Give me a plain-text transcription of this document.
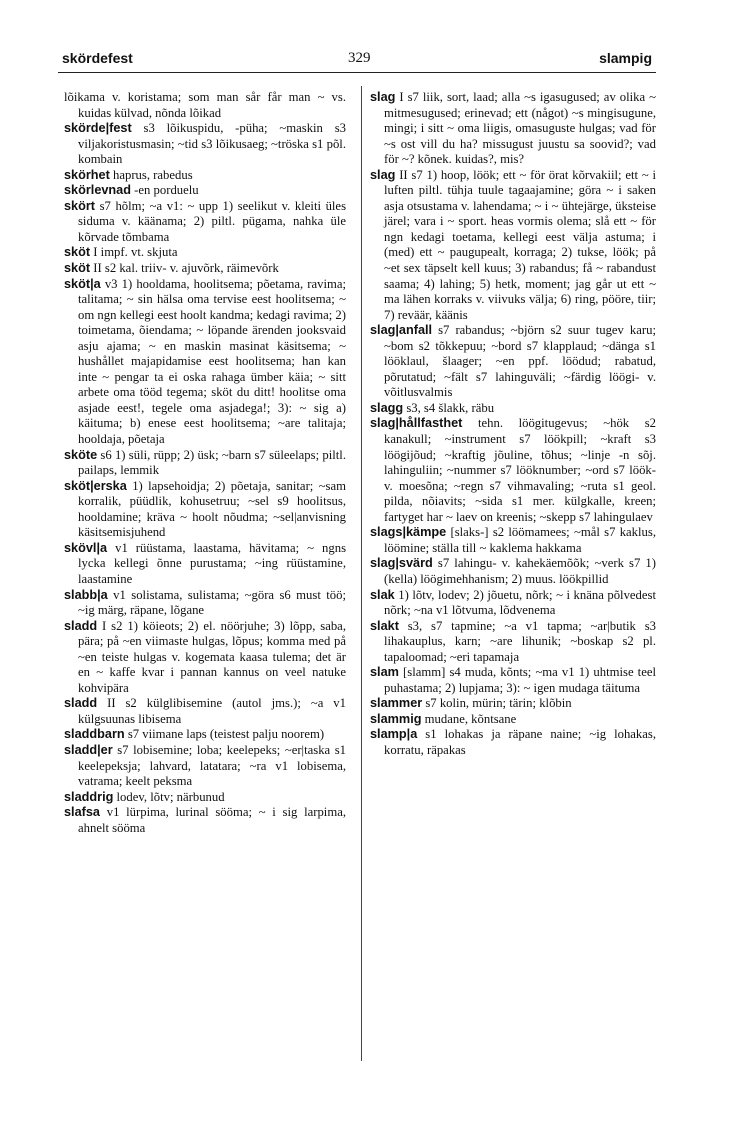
skördefest	329	slampig

lõikama v. koristama; som man sår får man ~ vs. kuidas külvad, nõnda lõikad

skörde|fest s3 lõikuspidu, -püha; ~maskin s3 viljakoristusmasin; ~tid s3 lõikusaeg; ~tröska s1 põl. kombain

skörhet haprus, rabedus

skörlevnad -en porduelu

skört s7 hõlm; ~a v1: ~ upp 1) seelikut v. kleiti üles siduma v. käänama; 2) piltl. pügama, nahka üle kõrvade tõmbama

sköt I impf. vt. skjuta

sköt II s2 kal. triiv- v. ajuvõrk, räimevõrk

sköt|a v3 1) hooldama, hoolitsema; põetama, ravima; talitama; ~ sin hälsa oma tervise eest hoolitsema; ~ om ngn kellegi eest hoolt kandma; kedagi ravima; 2) toimetama, õiendama; ~ löpande ärenden jooksvaid asju ajama; ~ en maskin masinat käsitsema; ~ hushållet majapidamise eest hoolitsema; han kan inte ~ pengar ta ei oska rahaga ümber käia; ~ sitt arbete oma tööd tegema; sköt du ditt! hoolitse oma asjade eest!, tegele oma asjadega!; 3): ~ sig a) käituma; b) enese eest hoolitsema; ~are talitaja; hooldaja, põetaja

sköte s6 1) süli, rüpp; 2) üsk; ~barn s7 süleelaps; piltl. pailaps, lemmik

sköt|erska 1) lapsehoidja; 2) põetaja, sanitar; ~sam korralik, püüdlik, kohusetruu; ~sel s9 hoolitsus, hooldamine; kräva ~ hoolt nõudma; ~sel|anvisning käsitsemisjuhend

skövl|a v1 rüüstama, laastama, hävitama; ~ ngns lycka kellegi õnne purustama; ~ing rüüstamine, laastamine

slabb|a v1 solistama, sulistama; ~göra s6 must töö; ~ig märg, räpane, lõgane

sladd I s2 1) köieots; 2) el. nöörjuhe; 3) lõpp, saba, pära; på ~en viimaste hulgas, lõpus; komma med på ~en teiste hulgas v. kogemata kaasa tulema; det är en ~ kaffe kvar i pannan kannus on veel natuke kohvipära

sladd II s2 külglibisemine (autol jms.); ~a v1 külgsuunas libisema

sladdbarn s7 viimane laps (teistest palju noorem)

sladd|er s7 lobisemine; loba; keelepeks; ~er|taska s1 keelepeksja; lahvard, latatara; ~ra v1 lobisema, vatrama; keelt peksma

sladdrig lodev, lõtv; närbunud

slafsa v1 lürpima, lurinal sööma; ~ i sig larpima, ahnelt sööma

slag I s7 liik, sort, laad; alla ~s igasugused; av olika ~ mitmesugused; erinevad; ett (något) ~s mingisugune, mingi; i sitt ~ oma liigis, omasuguste hulgas; vad för ~s ost vill du ha? missugust juustu sa soovid?; vad för ~? kõnek. kuidas?, mis?

slag II s7 1) hoop, löök; ett ~ för örat kõrvakiil; ett ~ i luften piltl. tühja tuule tagaajamine; göra ~ i saken asja otsustama v. lahendama; ~ i ~ ühtejärge, üksteise järel; vara i ~ sport. heas vormis olema; slå ett ~ för ngn kedagi toetama, kellegi eest välja astuma; i (med) ett ~ paugupealt, korraga; 2) tukse, löök; på ~et sex täpselt kell kuus; 3) rabandus; få ~ rabandust saama; 4) lahing; 5) hetk, moment; jag går ut ett ~ ma lähen korraks v. viivuks välja; 6) ring, pööre, tiir; 7) reväär, käänis

slag|anfall s7 rabandus; ~björn s2 suur tugev karu; ~bom s2 tõkkepuu; ~bord s7 klapplaud; ~dänga s1 lööklaul, šlaager; ~en ppf. löödud; rabatud, põrutatud; ~fält s7 lahinguväli; ~färdig löögi- v. võitlusvalmis

slagg s3, s4 šlakk, räbu

slag|hållfasthet tehn. löögitugevus; ~hök s2 kanakull; ~instrument s7 löökpill; ~kraft s3 löögijõud; ~kraftig jõuline, tõhus; ~linje -n sõj. lahinguliin; ~nummer s7 lööknumber; ~ord s7 löök- v. moesõna; ~regn s7 vihmavaling; ~ruta s1 geol. pilda, nõiavits; ~sida s1 mer. külgkalle, kreen; fartyget har ~ laev on kreenis; ~skepp s7 lahingulaev

slags|kämpe [slaks-] s2 löömamees; ~mål s7 kaklus, löömine; ställa till ~ kaklema hakkama

slag|svärd s7 lahingu- v. kahekäemõõk; ~verk s7 1) (kella) löögimehhanism; 2) muus. löökpillid

slak 1) lõtv, lodev; 2) jõuetu, nõrk; ~ i knäna põlvedest nõrk; ~na v1 lõtvuma, lõdvenema

slakt s3, s7 tapmine; ~a v1 tapma; ~ar|butik s3 lihakauplus, karn; ~are lihunik; ~boskap s2 pl. tapaloomad; ~eri tapamaja

slam [slamm] s4 muda, kõnts; ~ma v1 1) uhtmise teel puhastama; 2) lupjama; 3): ~ igen mudaga täituma

slammer s7 kolin, mürin; tärin; klõbin

slammig mudane, kõntsane

slamp|a s1 lohakas ja räpane naine; ~ig lohakas, korratu, räpakas
